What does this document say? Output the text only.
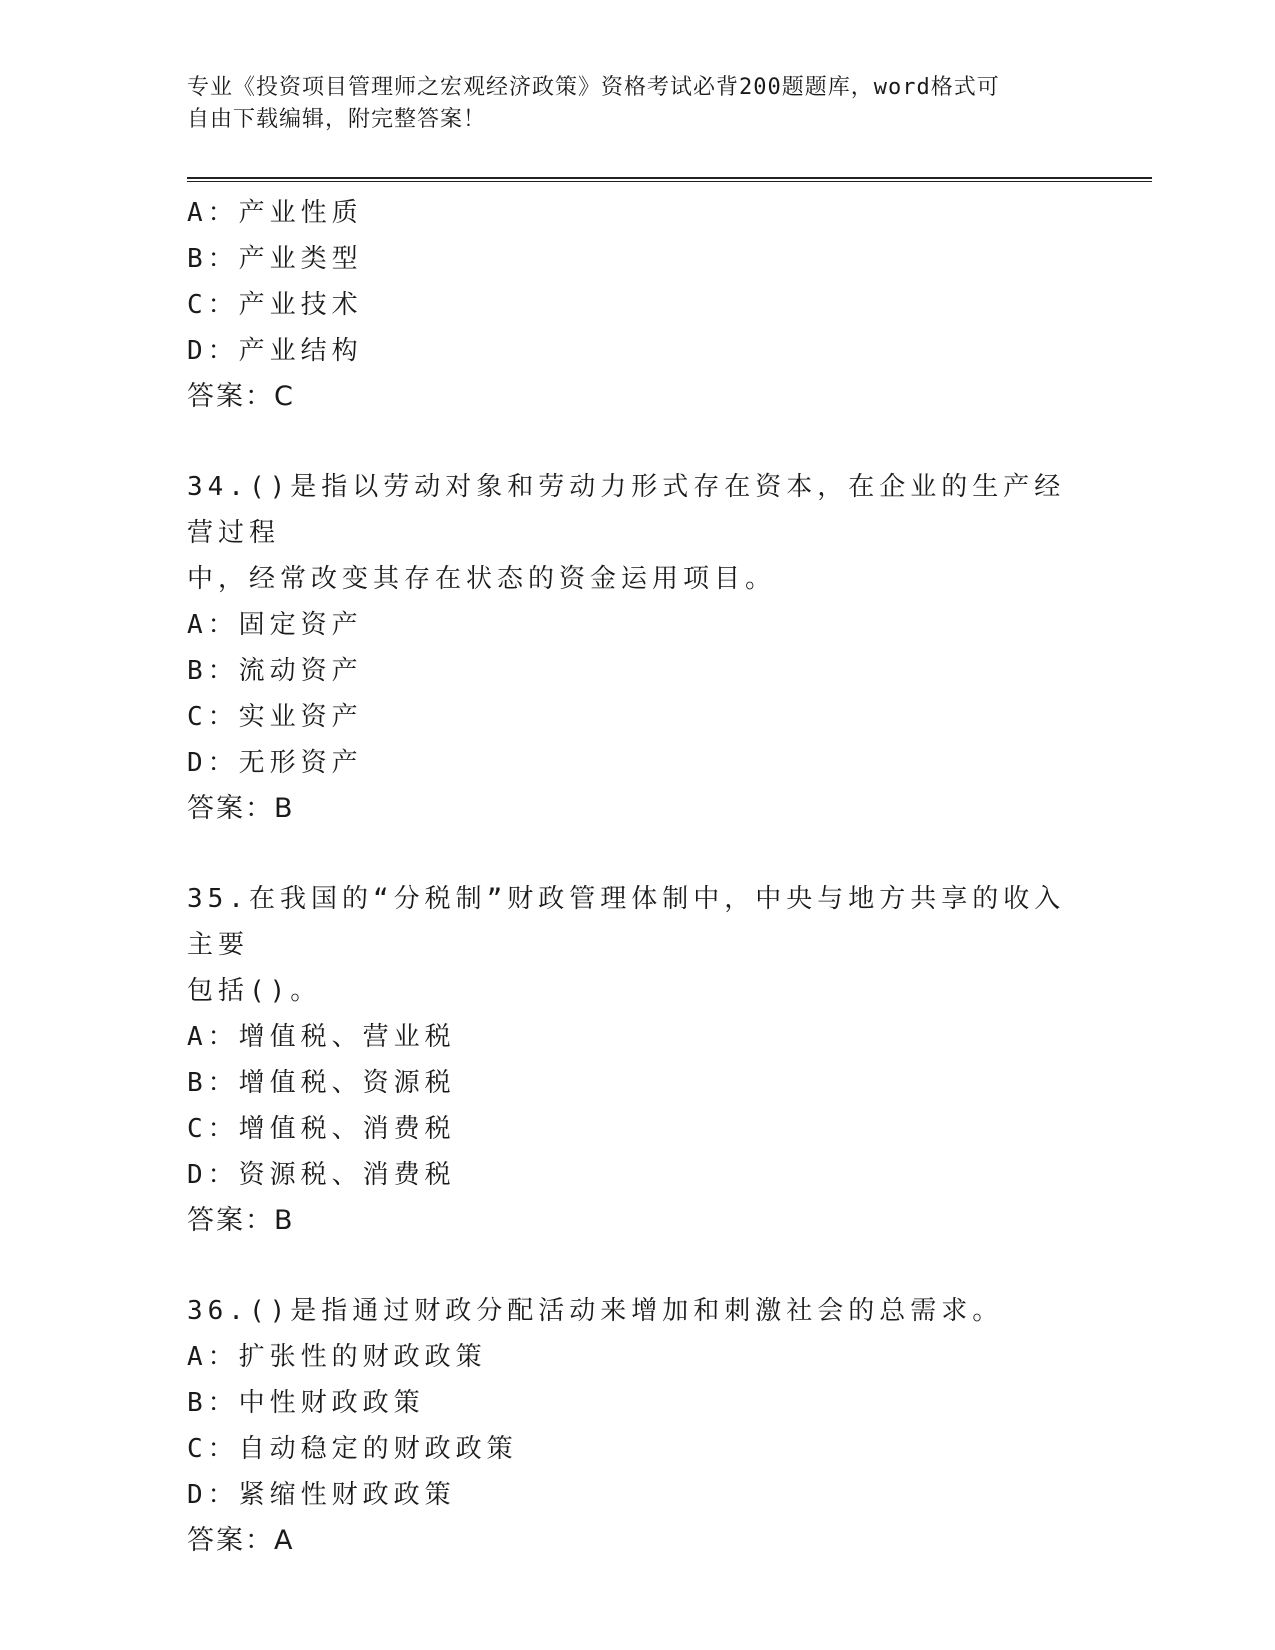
专业《投资项目管理师之宏观经济政策》资格考试必背200题题库，word格式可
自由下载编辑，附完整答案！
A：产业性质
B：产业类型
C：产业技术
D：产业结构
答案：C
34.()是指以劳动对象和劳动力形式存在资本，在企业的生产经营过程
中，经常改变其存在状态的资金运用项目。
A：固定资产
B：流动资产
C：实业资产
D：无形资产
答案：B
35.在我国的“分税制”财政管理体制中，中央与地方共享的收入主要
包括()。
A：增值税、营业税
B：增值税、资源税
C：增值税、消费税
D：资源税、消费税
答案：B
36.()是指通过财政分配活动来增加和刺激社会的总需求。
A：扩张性的财政政策
B：中性财政政策
C：自动稳定的财政政策
D：紧缩性财政政策
答案：A
